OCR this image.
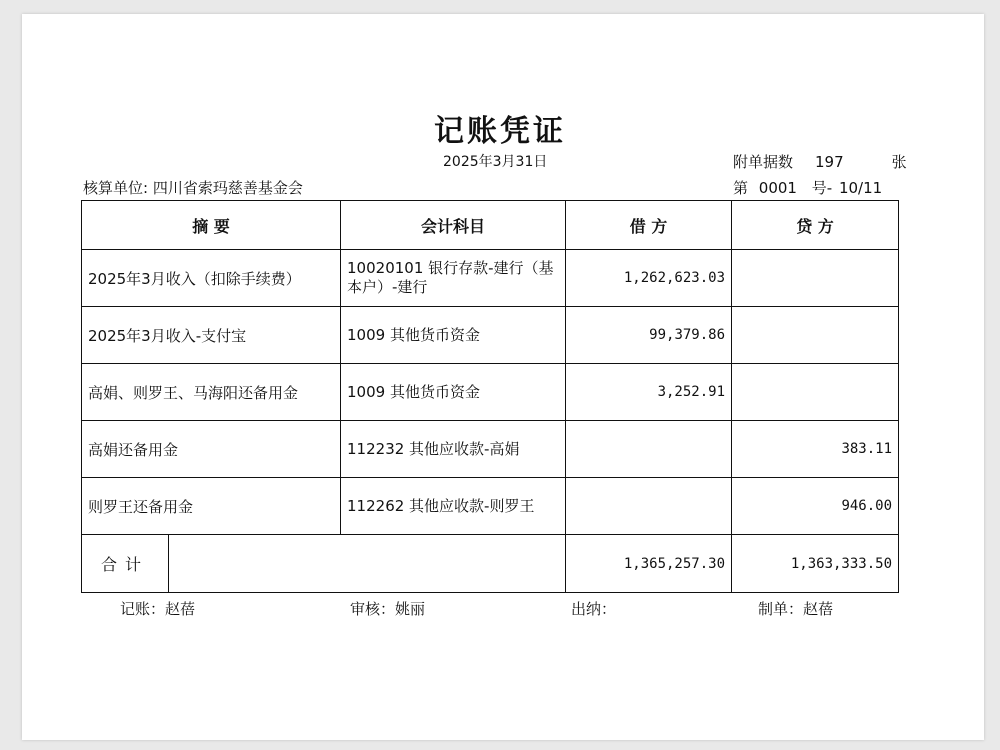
记账凭证
2025年3月31日
核算单位: 四川省索玛慈善基金会
附单据数 197	张
第 0001 号- 10/11
摘 要		会计科目	借 方	贷 方
2025年3月收入（扣除手续费）		10020101 银行存款-建行（基本户）-建行	1,262,623.03	
2025年3月收入-支付宝		1009 其他货币资金	99,379.86	
高娟、则罗王、马海阳还备用金		1009 其他货币资金	3,252.91	
高娟还备用金		112232 其他应收款-高娟		383.11
则罗王还备用金		112262 其他应收款-则罗王		946.00
合计			1,365,257.30	1,363,333.50
记账：赵蓓	审核：姚丽	出纳：	制单：赵蓓
